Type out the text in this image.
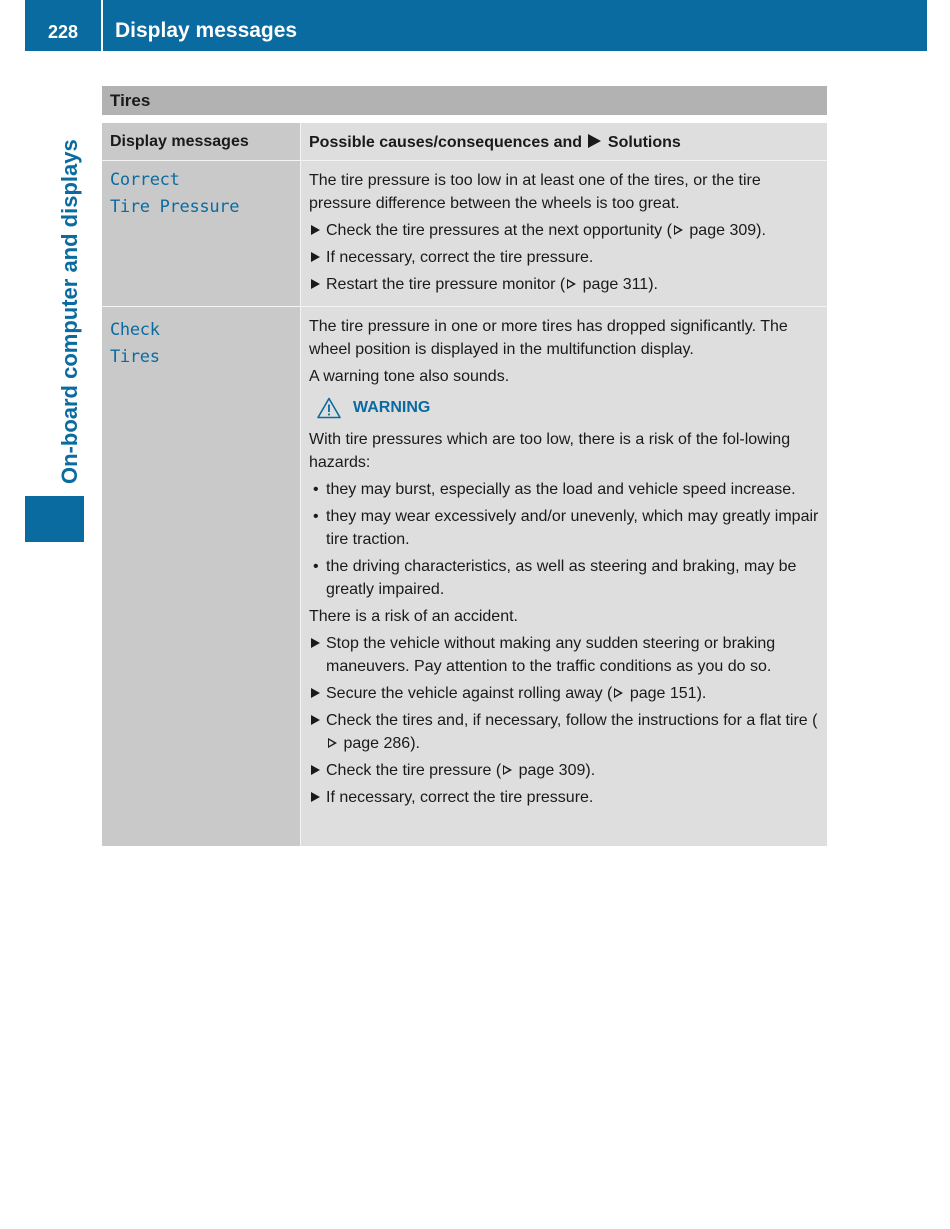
228	Display messages
On-board computer and displays
Tires
Display messages	Possible causes/consequences and Solutions
Correct
Tire Pressure
The tire pressure is too low in at least one of the tires, or the tire pressure difference between the wheels is too great.
Check the tire pressures at the next opportunity ( page 309).
If necessary, correct the tire pressure.
Restart the tire pressure monitor ( page 311).
Check
Tires
The tire pressure in one or more tires has dropped significantly. The wheel position is displayed in the multifunction display.
A warning tone also sounds.
WARNING
With tire pressures which are too low, there is a risk of the fol-lowing hazards:
• they may burst, especially as the load and vehicle speed increase.
• they may wear excessively and/or unevenly, which may greatly impair tire traction.
• the driving characteristics, as well as steering and braking, may be greatly impaired.
There is a risk of an accident.
Stop the vehicle without making any sudden steering or braking maneuvers. Pay attention to the traffic conditions as you do so.
Secure the vehicle against rolling away ( page 151).
Check the tires and, if necessary, follow the instructions for a flat tire ( page 286).
Check the tire pressure ( page 309).
If necessary, correct the tire pressure.
